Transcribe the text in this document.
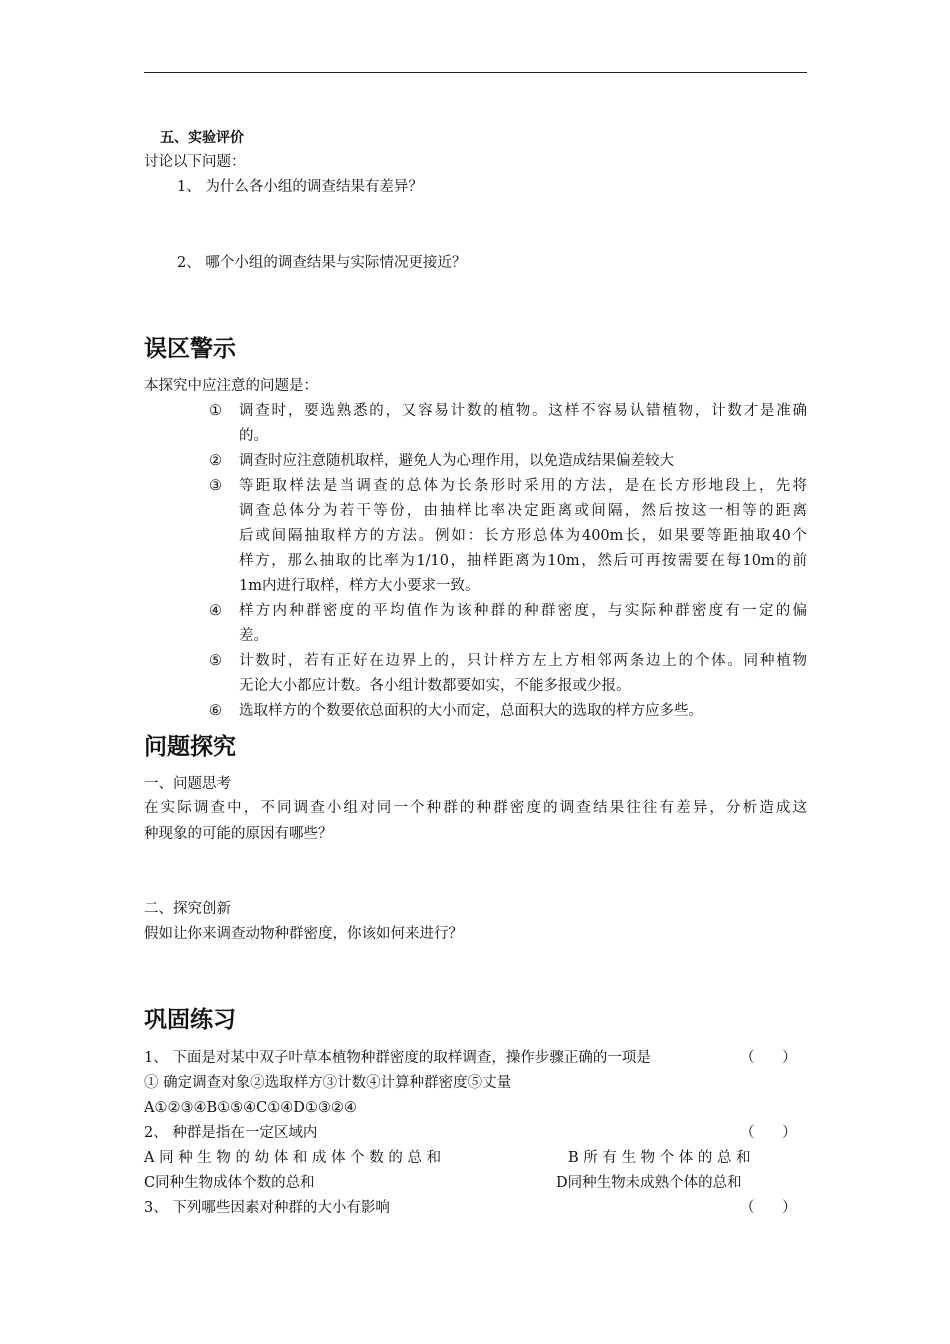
五、实验评价
讨论以下问题：
1、 为什么各小组的调查结果有差异？
2、 哪个小组的调查结果与实际情况更接近？
误区警示
本探究中应注意的问题是：
① 调查时，要选熟悉的，又容易计数的植物。这样不容易认错植物，计数才是准确
的。
② 调查时应注意随机取样，避免人为心理作用，以免造成结果偏差较大
③ 等距取样法是当调查的总体为长条形时采用的方法，是在长方形地段上，先将
调查总体分为若干等份，由抽样比率决定距离或间隔，然后按这一相等的距离
后或间隔抽取样方的方法。例如：长方形总体为400m长，如果要等距抽取40个
样方，那么抽取的比率为1/10，抽样距离为10m，然后可再按需要在每10m的前
1m内进行取样，样方大小要求一致。
④ 样方内种群密度的平均值作为该种群的种群密度，与实际种群密度有一定的偏
差。
⑤ 计数时，若有正好在边界上的，只计样方左上方相邻两条边上的个体。同种植物
无论大小都应计数。各小组计数都要如实，不能多报或少报。
⑥ 选取样方的个数要依总面积的大小而定，总面积大的选取的样方应多些。
问题探究
一、问题思考
在实际调查中，不同调查小组对同一个种群的种群密度的调查结果往往有差异，分析造成这
种现象的可能的原因有哪些？
二、探究创新
假如让你来调查动物种群密度，你该如何来进行？
巩固练习
1、 下面是对某中双子叶草本植物种群密度的取样调查，操作步骤正确的一项是	（      ）
① 确定调查对象②选取样方③计数④计算种群密度⑤丈量
A①②③④B①⑤④C①④D①③②④
2、 种群是指在一定区域内	（      ）
A 同 种 生 物 的 幼 体 和 成 体 个 数 的 总 和	B 所 有 生 物 个 体 的 总 和
C同种生物成体个数的总和	D同种生物未成熟个体的总和
3、 下列哪些因素对种群的大小有影响	（      ）
